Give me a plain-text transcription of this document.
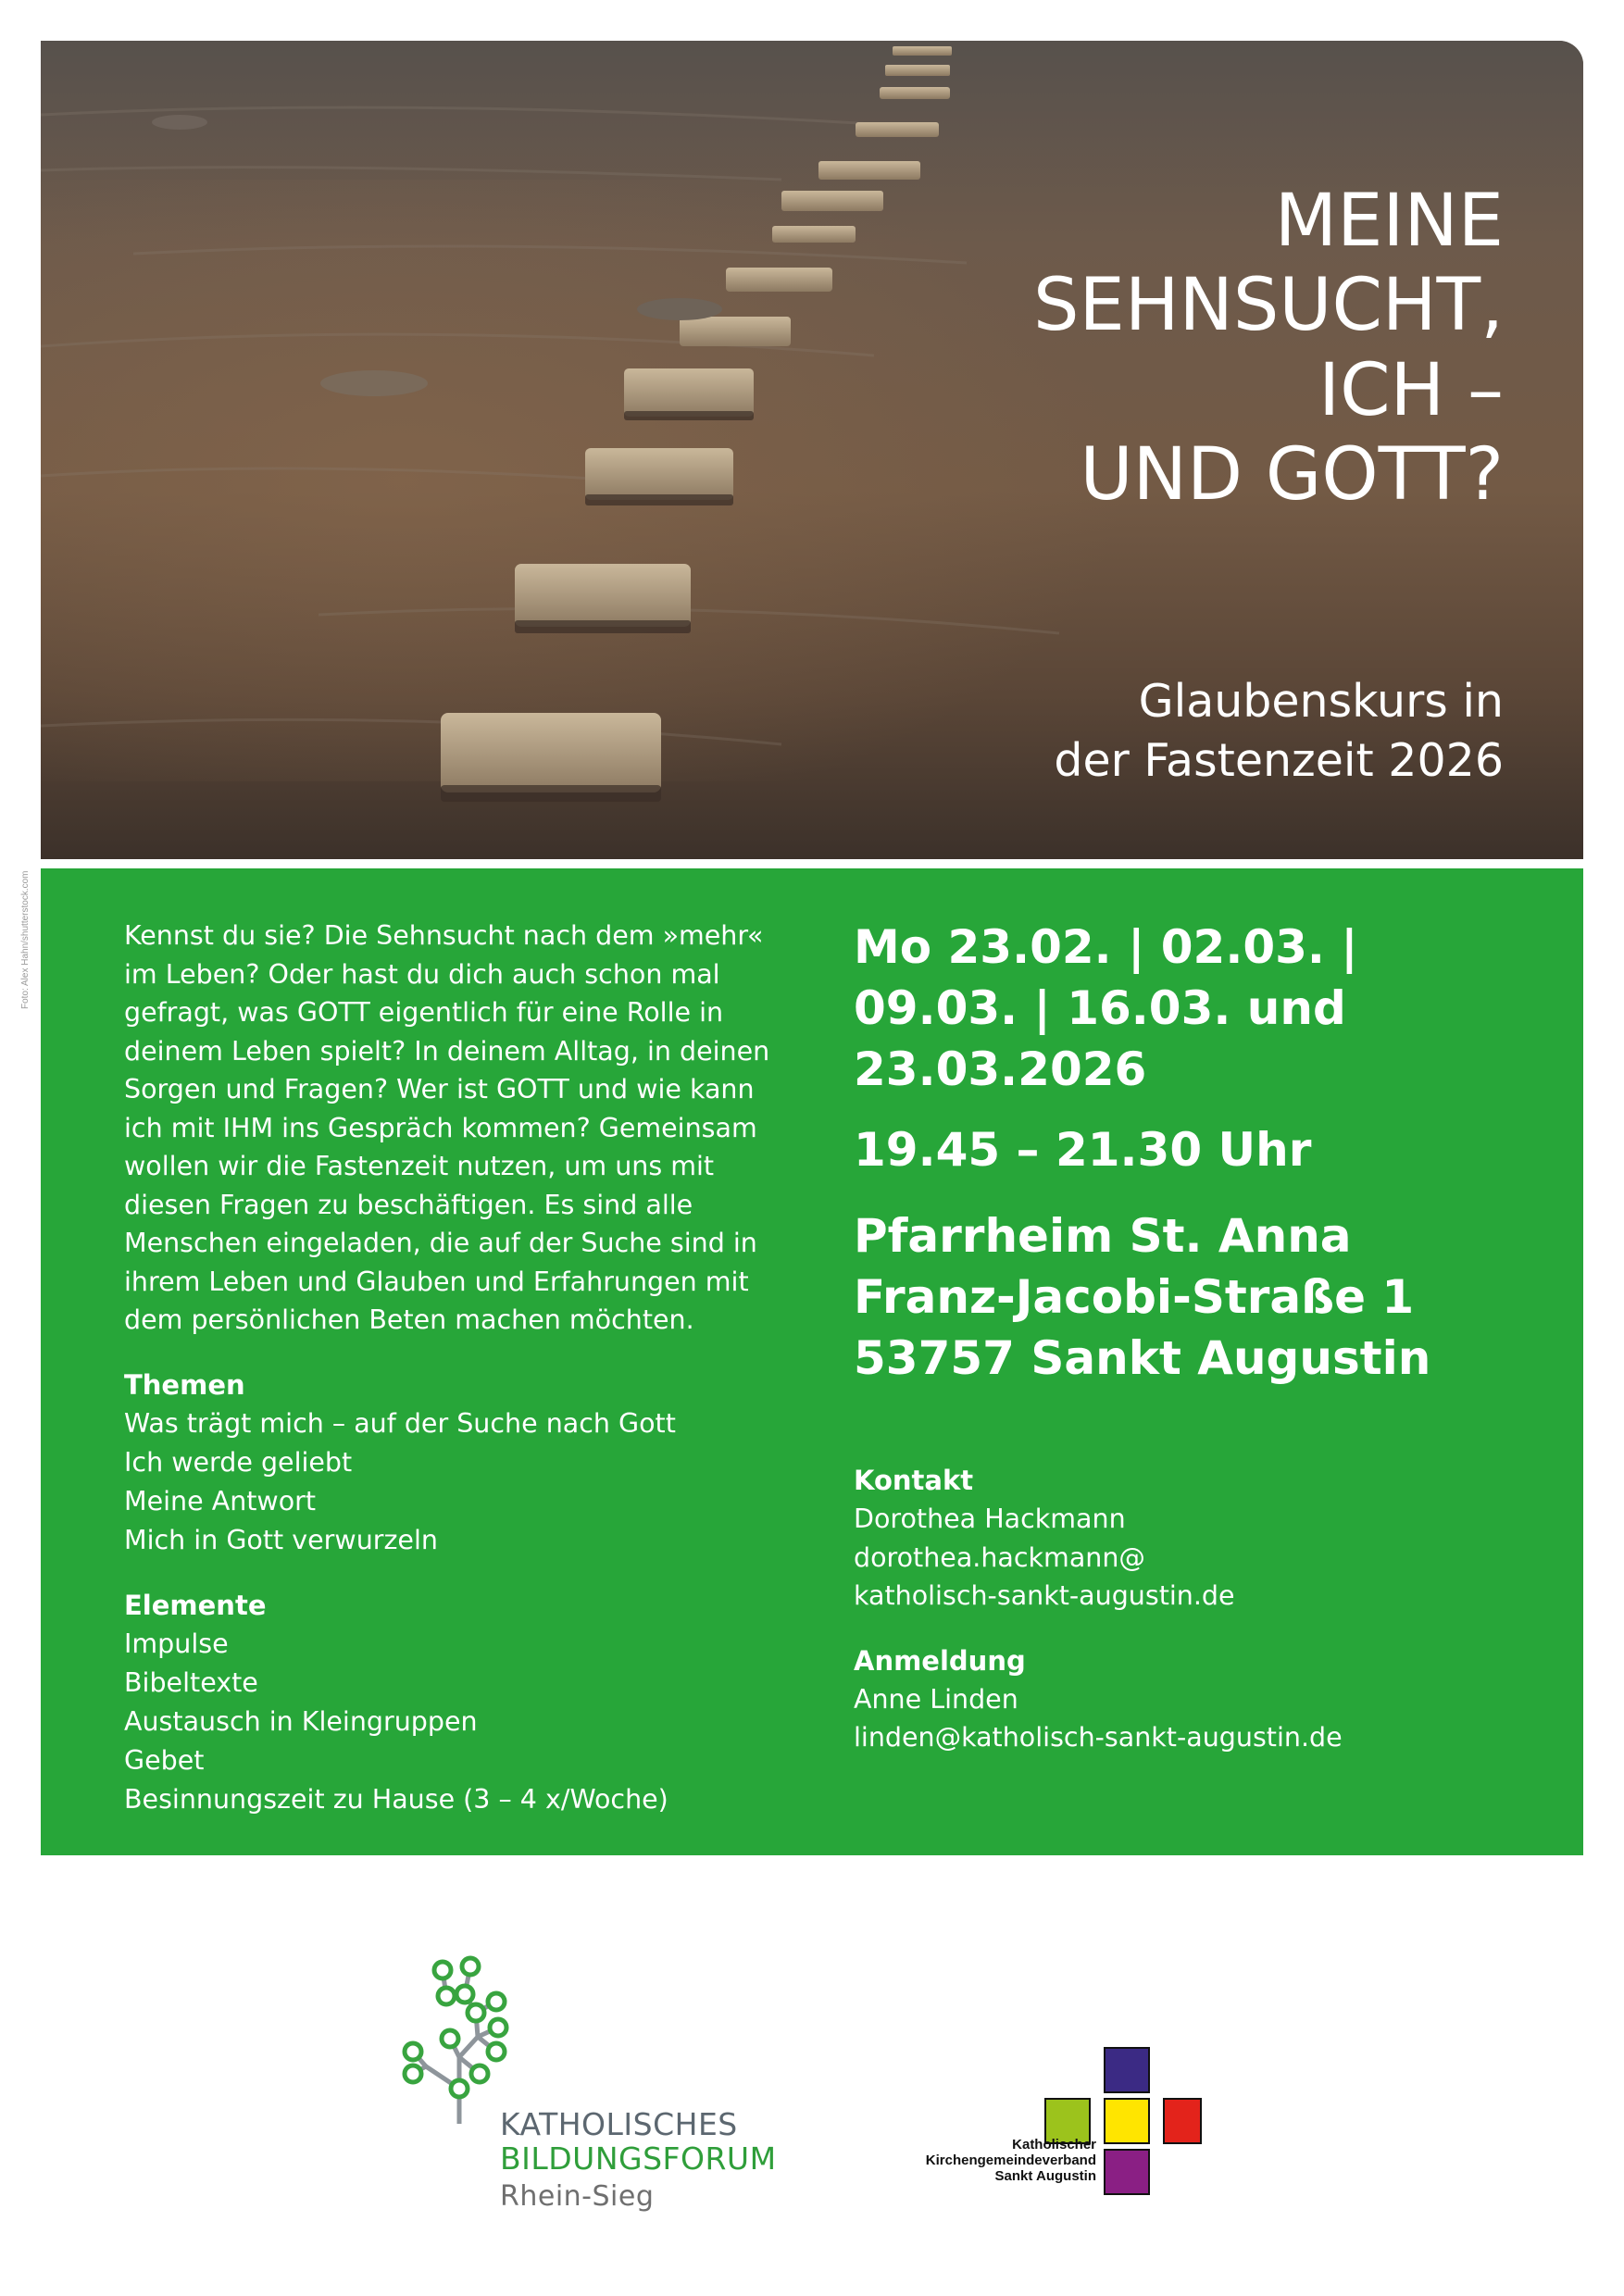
MEINE
SEHNSUCHT,
ICH –
UND GOTT?
Glaubenskurs in
der Fastenzeit 2026
Foto: Alex Hahn/shutterstock.com	Kennst du sie? Die Sehnsucht nach dem »mehr« im Leben? Oder hast du dich auch schon mal gefragt, was GOTT eigentlich für eine Rolle in deinem Leben spielt? In deinem Alltag, in deinen Sorgen und Fragen? Wer ist GOTT und wie kann ich mit IHM ins Gespräch kommen? Gemeinsam wollen wir die Fastenzeit nutzen, um uns mit diesen Fragen zu beschäftigen. Es sind alle Menschen eingeladen, die auf der Suche sind in ihrem Leben und Glauben und Erfahrungen mit dem persönlichen Beten machen möchten.

Themen
Was trägt mich – auf der Suche nach Gott
Ich werde geliebt
Meine Antwort
Mich in Gott verwurzeln
Elemente
Impulse
Bibeltexte
Austausch in Kleingruppen
Gebet
Besinnungszeit zu Hause (3 – 4 x/Woche)

Mo 23.02. | 02.03. |
09.03. | 16.03. und
23.03.2026

19.45 – 21.30 Uhr

Pfarrheim St. Anna
Franz-Jacobi-Straße 1
53757 Sankt Augustin

Kontakt
Dorothea Hackmann
dorothea.hackmann@
katholisch-sankt-augustin.de
Anmeldung
Anne Linden
linden@katholisch-sankt-augustin.de
KATHOLISCHES
BILDUNGSFORUM
Rhein-Sieg
Katholischer
Kirchengemeindeverband
Sankt Augustin
